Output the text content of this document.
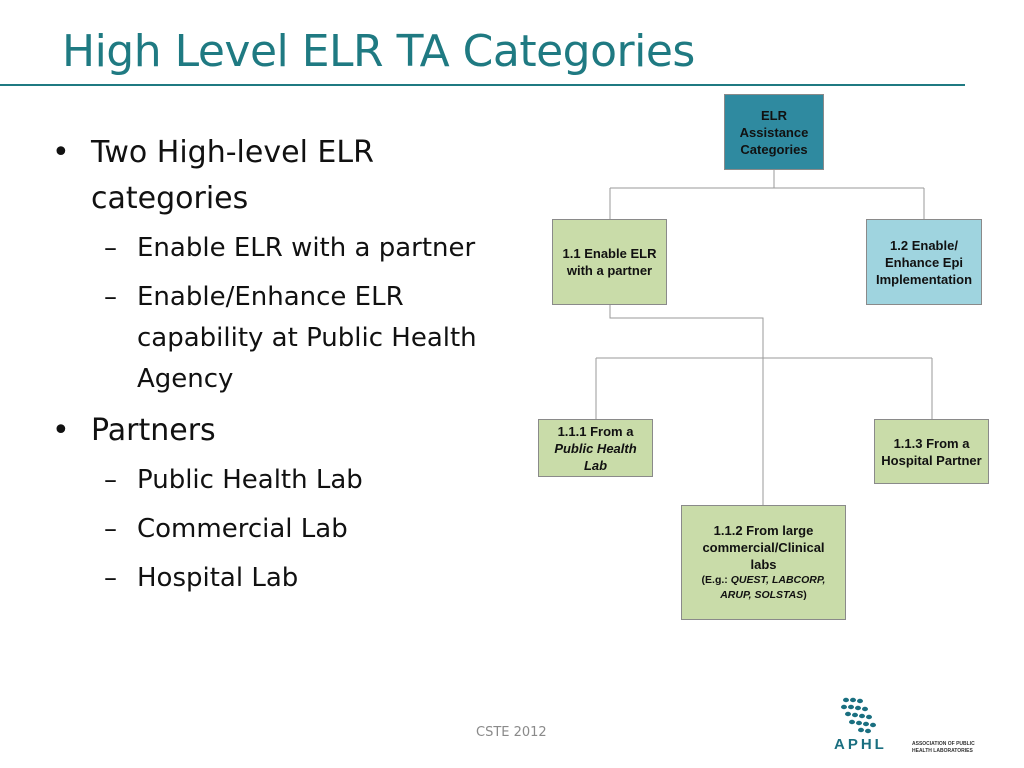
High Level ELR TA Categories
• Two High-level ELR categories
– Enable ELR with a partner
– Enable/Enhance ELR capability at Public Health Agency
• Partners
– Public Health Lab
– Commercial Lab
– Hospital Lab
ELR
Assistance
Categories
1.1 Enable ELR
with a partner
1.2 Enable/
Enhance Epi
Implementation
1.1.1 From a
Public Health
Lab
1.1.2 From large
commercial/Clinical
labs
(E.g.: QUEST, LABCORP,
ARUP, SOLSTAS)
1.1.3 From a
Hospital Partner
CSTE 2012
APHL	ASSOCIATION OF PUBLIC HEALTH LABORATORIES
